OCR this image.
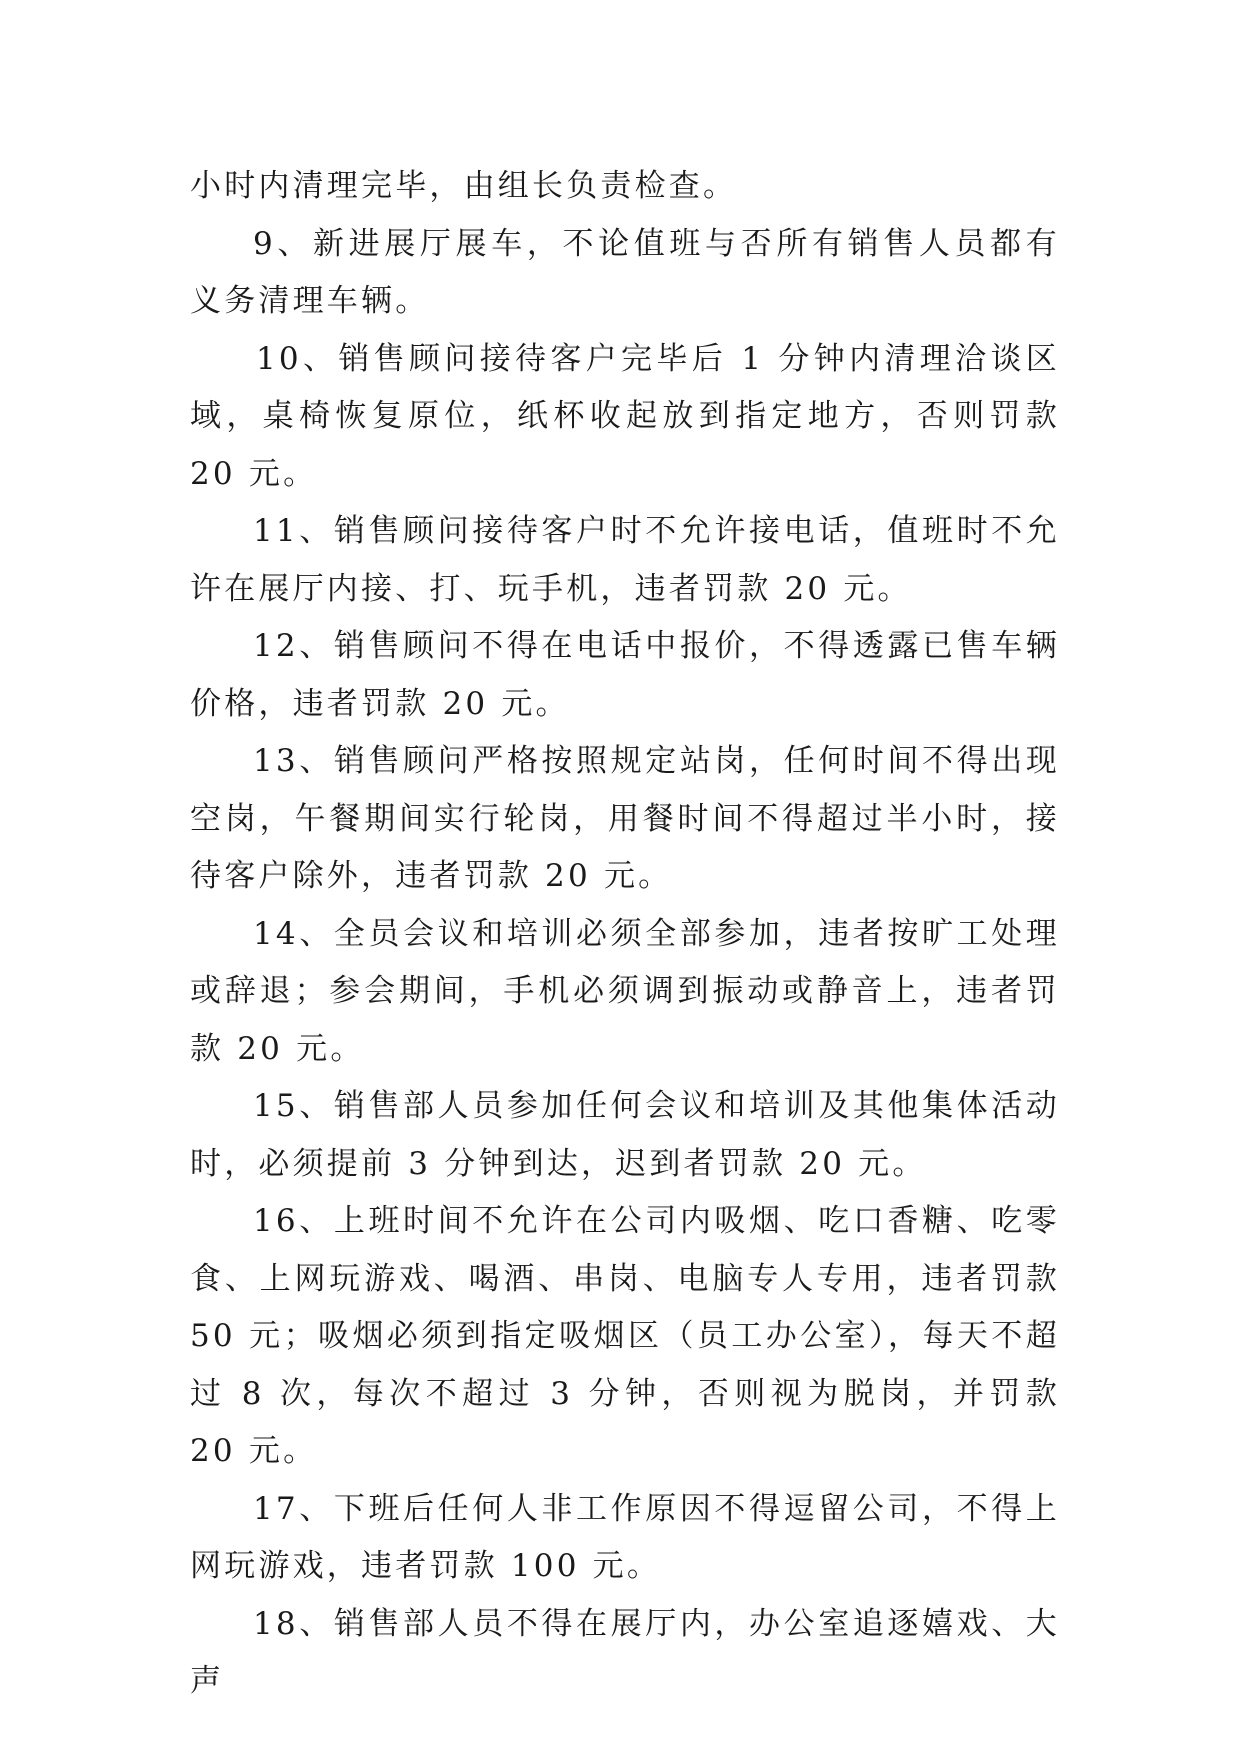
小时内清理完毕，由组长负责检查。

9、新进展厅展车，不论值班与否所有销售人员都有义务清理车辆。

10、销售顾问接待客户完毕后 1 分钟内清理洽谈区域，桌椅恢复原位，纸杯收起放到指定地方，否则罚款 20 元。

11、销售顾问接待客户时不允许接电话，值班时不允许在展厅内接、打、玩手机，违者罚款 20 元。

12、销售顾问不得在电话中报价，不得透露已售车辆价格，违者罚款 20 元。

13、销售顾问严格按照规定站岗，任何时间不得出现空岗，午餐期间实行轮岗，用餐时间不得超过半小时，接待客户除外，违者罚款 20 元。

14、全员会议和培训必须全部参加，违者按旷工处理或辞退；参会期间，手机必须调到振动或静音上，违者罚款 20 元。

15、销售部人员参加任何会议和培训及其他集体活动时，必须提前 3 分钟到达，迟到者罚款 20 元。

16、上班时间不允许在公司内吸烟、吃口香糖、吃零食、上网玩游戏、喝酒、串岗、电脑专人专用，违者罚款 50 元；吸烟必须到指定吸烟区（员工办公室），每天不超过 8 次，每次不超过 3 分钟，否则视为脱岗，并罚款 20 元。

17、下班后任何人非工作原因不得逗留公司，不得上网玩游戏，违者罚款 100 元。

18、销售部人员不得在展厅内，办公室追逐嬉戏、大声
